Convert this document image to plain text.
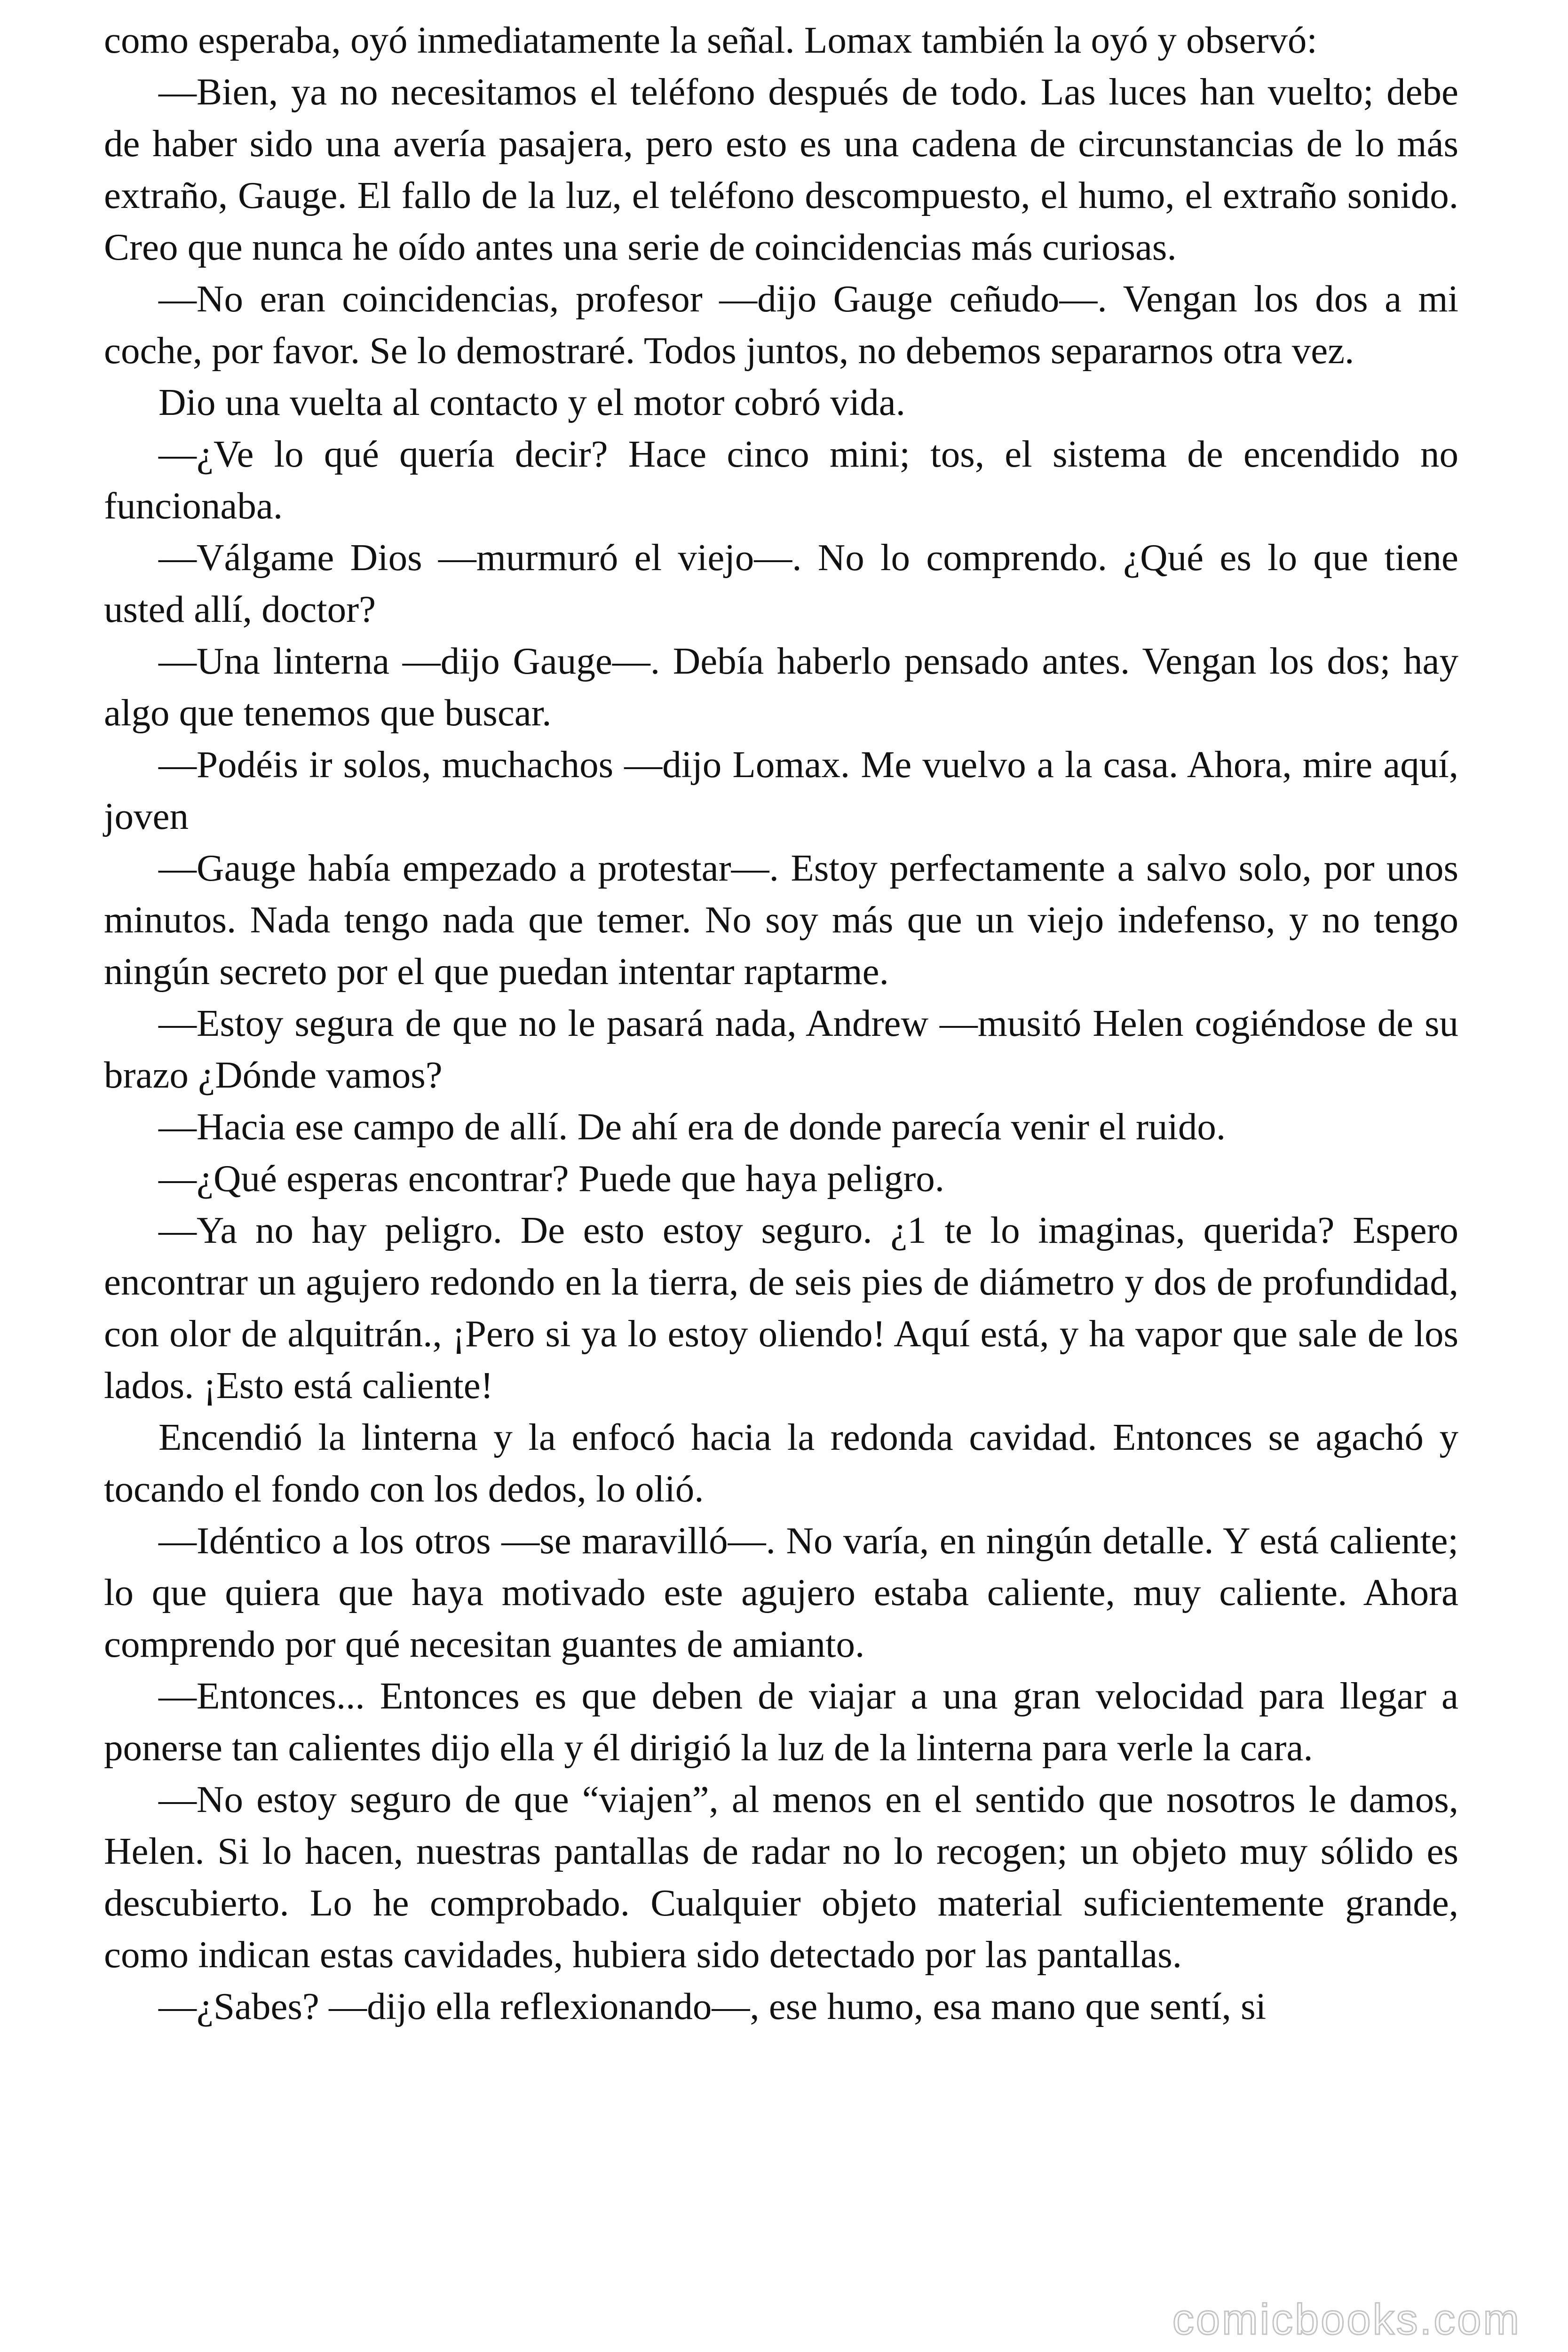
como esperaba, oyó inmediatamente la señal. Lomax también la oyó y observó:

—Bien, ya no necesitamos el teléfono después de todo. Las luces han vuelto; debe de haber sido una avería pasajera, pero esto es una cadena de circunstancias de lo más extraño, Gauge. El fallo de la luz, el teléfono descompuesto, el humo, el extraño sonido. Creo que nunca he oído antes una serie de coincidencias más curiosas.

—No eran coincidencias, profesor —dijo Gauge ceñudo—. Vengan los dos a mi coche, por favor. Se lo demostraré. Todos juntos, no debemos separarnos otra vez.

Dio una vuelta al contacto y el motor cobró vida.

—¿Ve lo qué quería decir? Hace cinco mini; tos, el sistema de encendido no funcionaba.

—Válgame Dios —murmuró el viejo—. No lo comprendo. ¿Qué es lo que tiene usted allí, doctor?

—Una linterna —dijo Gauge—. Debía haberlo pensado antes. Vengan los dos; hay algo que tenemos que buscar.

—Podéis ir solos, muchachos —dijo Lomax. Me vuelvo a la casa. Ahora, mire aquí, joven

—Gauge había empezado a protestar—. Estoy perfectamente a salvo solo, por unos minutos. Nada tengo nada que temer. No soy más que un viejo indefenso, y no tengo ningún secreto por el que puedan intentar raptarme.

—Estoy segura de que no le pasará nada, Andrew —musitó Helen cogiéndose de su brazo ¿Dónde vamos?

—Hacia ese campo de allí. De ahí era de donde parecía venir el ruido.

—¿Qué esperas encontrar? Puede que haya peligro.

—Ya no hay peligro. De esto estoy seguro. ¿1 te lo imaginas, querida? Espero encontrar un agujero redondo en la tierra, de seis pies de diámetro y dos de profundidad, con olor de alquitrán., ¡Pero si ya lo estoy oliendo! Aquí está, y ha vapor que sale de los lados. ¡Esto está caliente!

Encendió la linterna y la enfocó hacia la redonda cavidad. Entonces se agachó y tocando el fondo con los dedos, lo olió.

—Idéntico a los otros —se maravilló—. No varía, en ningún detalle. Y está caliente; lo que quiera que haya motivado este agujero estaba caliente, muy caliente. Ahora comprendo por qué necesitan guantes de amianto.

—Entonces... Entonces es que deben de viajar a una gran velocidad para llegar a ponerse tan calientes dijo ella y él dirigió la luz de la linterna para verle la cara.

—No estoy seguro de que “viajen”, al menos en el sentido que nosotros le damos, Helen. Si lo hacen, nuestras pantallas de radar no lo recogen; un objeto muy sólido es descubierto. Lo he comprobado. Cualquier objeto material suficientemente grande, como indican estas cavidades, hubiera sido detectado por las pantallas.

—¿Sabes? —dijo ella reflexionando—, ese humo, esa mano que sentí, si

comicbooks.com
